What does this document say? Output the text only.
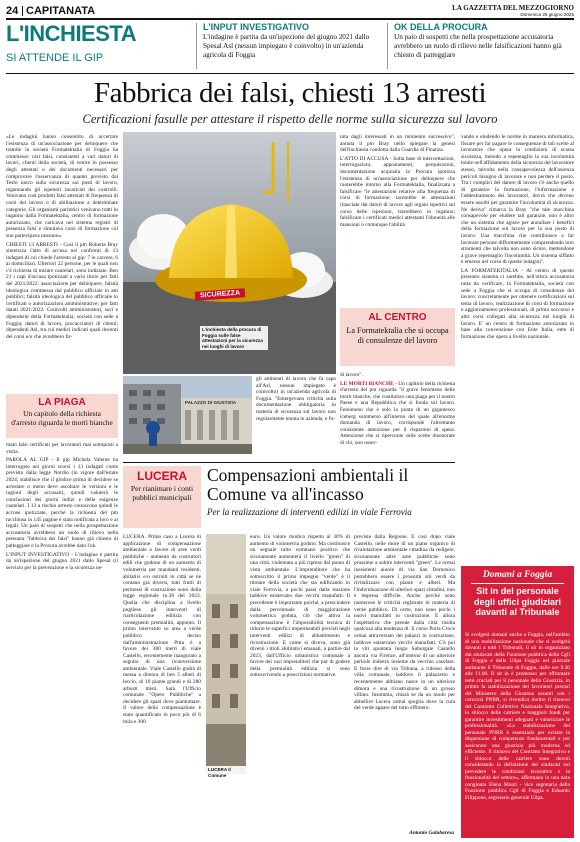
24 CAPITANATA	LA GAZZETTA DEL MEZZOGIORNO
Domenica 29 giugno 2025
L'INCHIESTA
SI ATTENDE IL GIP
L'INPUT INVESTIGATIVO
L'indagine è partita da un'ispezione del giugno 2021 dallo Spesal Asl (nessun impiegato è coinvolto) in un'azienda agricola di Foggia
OK DELLA PROCURA
Un paio di sospetti che nella prospettazione accusatoria avrebbero un ruolo di rilievo nelle falsificazioni hanno già chiesto di patteggiare
Fabbrica dei falsi, chiesti 13 arresti
Certificazioni fasulle per attestare il rispetto delle norme sulla sicurezza sul lavoro

«Le indagini hanno consentito di accertare l'esistenza di un'associazione per delinquere che tramite la società Formatektalia di Foggia ha commesso vari falsi, consistenti a vari datori di lavori, clienti della società, di venire in possesso degli attestati e dei documenti necessari per comprovare l'osservanza di quanto previsto dal Testo unico sulla sicurezza sui posti di lavoro, ingannando gli ispettori incaricati dei controlli. Venivano così prodotti falsi attestati di frequenza di corsi dei lavoro o di abilitazione a determinate categorie. Gli organismi paritetici venivano tratti in inganno dalla Formatektalia, centro di formazione autorizzato, che caricava nel sistema registri di presenza falsi e simulava corsi di formazione col suo partecipava nessuno».

CHIESTI 13 ARRESTI - Così il pm Roberta Bray sintetizza l'atto di accusa nei confronti di 13 indagati di cui chiede l'arresto al gip: 7 in carcere, 6 ai domiciliari. Ulteriori 22 persone, per le quali non c'è richiesta di misure cautelari, sono indiziate. Ben 21 i capi d'accusa ipotizzati a vario titolo per fatti del 2021/2022: associazione per delinquere, falsità ideologica commessa dal pubblico ufficiale in atti pubblici; falsità ideologica del pubblico ufficiale in certificati o autorizzazioni amministrative; per fatti datati 2021/2022. Coinvolti amministratori, soci e dipendenti della Formatektalia, società con sede a Foggia; datori di lavoro, procacciatori di clienti; dipendenti Asl, tra cui medici indicati quali docenti dei corsi e/o che avrebbero fir-

SICUREZZA
L'inchiesta della procura di Foggia sulle false attestazioni per la sicurezza nei luoghi di lavoro

nita dagli interessati in un momento successivo", annota il pm Bray nello spiegare la genesi dell'inchiesta condotta dalla Guardia di Finanza.

L'ATTO DI ACCUSA - Sulla base di intercettazioni, interrogazioni, appostamenti, perquisizioni, documentazione acquisita la Procura ipotizza l'esistenza di un'associazione per delinquere che ruoterebbe intorno alla Formatektalia, finalizzata a falsificare "le attestazioni relative alla frequenza di corsi di formazione; tacerebbe le attestazioni rilasciate dai datori di lavoro agli organi ispettivi sul corso delle ispezioni, trarrebbero in inganno; falsificare i certificati medici attestanti l'idoneità alle mansioni o comunque l'abilità

vando e eludendo le norme in maniera informatica, fissare per far pagare le conseguenze di tali scelte al lavoratore che opera in condizioni di scarsa sicurezza, metodo a repentaglio la sua incolumità totale nell'affidamento della sicurezza del lavoratore stesso, talvolta nella consapevolezza dell'assenza pericoli bisogno di lavorare e non perdere il posto. Tra i complici del datore di lavoro c'è anche quello di garantire la formazione, l'informazione e l'addestramento dei lavoratori, dovrà che devono essere assolti per garantire l'incolumità di sicurezza. Ne deriva" rimarca la Bray "che tale macchina consapevole per eludere tali garanzie, non è altro che un sistema che agisce per annullare i benefici della formazione sul lavoro per la sua posto di lavoro. Una macchina che contribuisce a far lavorare persone difformemente comprendendo loro strumenti che talvolta non sono sicure, mettendone a grave repentaglio l'incolumità. Un sistema siffatto è emerso nel corso di queste indagini".

LA FORMATEKITALIA - Al centro di questo presunto sistema ci sarebbe, nell'ottica accusatoria tutta da verificare, la Formatektalia, società con sede a Foggia che si occupa di consulenze del lavoro: concretamente per ottenere certificazioni sul tema di lavoro, realizzazione di corsi di formazione e aggiornamento professionali, di primo soccorso e altri corsi collegati alla sicurezza nei luoghi di lavoro. E' un centro di formazione autorizzato in base alla convenzione con Ente Italia, ente di formazione che opera a livello nazionale.

AL CENTRO
La Formatektalia che si occupa di consulenze del lavoro

di lavoro".

LE MORTI BIANCHE - Un capitolo della richiesta d'arresto del pm riguarda "il grave fenomeno delle morti bianche, che costituisce una piaga per il nostro Paese e una Repubblica che si fonda sul lavoro. Fenomeno che è solo la punta di un gigantesco iceberg sommerso all'interno del quale all'enorme domanda di lavoro, corrisponde l'altrettanto consistente attenzione per il risparmio di spesa. Attenzione che si ripercuote sulle scelte disonorate di chi, non osser-

PALAZZO DI GIUSTIZIA

gli ambienti di lavoro che fa capo all'Asl, nessun impiegato è coinvolto) in un'azienda agricola di Foggia. "Emergevano criticità sulla documentazione obbligatoria in materia di sicurezza sul lavoro non regolarmente tenuta in azienda, e fu-

LA PIAGA
Un capitolo della richiesta d'arresto riguarda le morti bianche

mato falsi certificati per lavoratori mai sottoposti a visita.

PAROLA AL GIP - Il gip Michela Valente ha interrogato nei giorni scorsi i 13 indagati come previsto dalla legge Nordio (in vigore dall'estate 2024; stabilisce che il giudice prima di decidere se arrestare o meno deve ascoltare le versioni e le ragioni degli accusati), quindi valuterà le conclusioni dei giorni indizi e delle esigenze cautelari. I 13 a rischio arresto conoscono quindi le accuse ipotizzate, perché la richiesta del pm racchiusa in 145 pagine è stata notificata a loro e ai legali. Un paio di sospetti che nella prospettazione accusatoria avrebbero un ruolo di rilievo nella presunta "fabbrica dei falsi" hanno già chiesto di patteggiare e la Procura avrebbe dato l'ok.

L'INPUT INVESTIGATIVO - L'indagine è partita da un'ispezione del giugno 2021 dallo Spesal (il servizio per la prevenzione e la sicurezza ne-

LUCERA
Per rianimare i conti pubblici municipali
Compensazioni ambientali il Comune va all'incasso
Per la realizzazione di interventi edilizi in viale Ferrovia

LUCERA. Primo caso a Lucera di applicazione di compensazione ambientale a favore di aree verdi pubbliche - aumento da costruttori edili che godono di un aumento di volumetria per mandanti residenti, abitativi e/o ostruiti in città se ne contano già diversi, tutti frutti di permessi di costruzione sono della legge regionale (n.36 del 2023. Quella che disciplina a livello pugliese gli interventi di riarticolazione edilizia con conseguenti premialità, appunto. Il primo intervento su area a verde pubblico deciso dall'amministrazione Pitta è a favore dei 300 metri di viale Castello, recentemente inaugurato a seguito di una riconversione ambientale. Viale Castello godrà di messa a dimora di ben 5 alberi di leccio, di 10 piante grandi e di 280 arbusti misti. Sarà l'Ufficio comunale "Opere Pubbliche" a decidere gli spazi dove piantumare. Il valore della compensazione è stato quantificato in poco più di 6 mila e 300

LUCERA Il Comune

euro. Un valore modico rispetto al 30% di aumento di volumetria goduto. Ma costituisce un segnale tutto sommato positivo che sicuramente aumenterà il livello "green" di una città, violentata a più riprese dal punto di vista ambientale. L'imprenditore che ha sottoscritto il primo impegno "verde" è il titolare della società che sta edificando in viale Ferrovia, a pochi passi dalla stazione laddove esistevano due vecchi manufatti. Il precedente è importante poiché, a prescindere dalla percentuale di maggiorazione volumetrica goduta, ciò che attiva la compensazione è l'impossibilità tecnica di ridurre le superfici impermeabili previsti negli interventi edilizi di abbattimento e ricostruzione. E come si diceva, sono già diversi i titoli abilitativi emanati, a partire dal 2023, dall'Ufficio urbanistica comunale a favore dei vari imprenditori che pur di godere della premialità edilizia si sono sottoscrivendo a prescrizioni normative.

previste dalla Regione. E così dopo viale Castello, nelle more di un piano organico di rivalutazione ambientale cittadina da redigere, sicuramente altre aree pubbliche sono prossime a subire interventi "green". Le ormai inesistenti aiuole di via San Domenico potrebbero essere i prossimi siti verdi da rivitalizzare con piante e alberi. Ma l'individuazione di ulteriori spazi cittadini, non è impresa difficile. Anche perché sono numerose le criticità registrate in materia di verde pubblico. Di certo, non sono pochi i nuovi manufatti in costruzione. E allora l'aspettativa che prende dalla città risulta qualcosa alla tendenza di. Il corso Porta Croce ormai attraversato dei palazzi in costruzione, laddove esistevano vecchi manufatti. C'è poi la vili spuntata lungo Suburgale Castello ancora via Firenze, all'interno di un ulteriore periodo indietro insieme da vecchio casolare. E forse dire di via Tribuna, a ridosso della villa comunale, laddove il palazzetto e recentemente abbiano nasce in un ulteriore dimora e una ricostruzione di un grosso villino. Insomma, chissà se da un modo per abbellire Lucera ormai spoglia dove la cura del verde appare del tutto effimero.

Antonio Galabaresa
Domani a Foggia
Sit in del personale degli uffici giudiziari davanti al Tribunale
Si svolgerà domani anche a Foggia, nell'ambito di una mobilitazione nazionale che si svolgerà davanti a tutti i Tribunali, il sit in organizzato dai sindacati della Funzione pubblica della Cgil di Foggia e della Uilpa Foggia nel piazzale antistante il Tribunale di Foggia, dalle ore 9.30 alle 11.00. Il sit in è promosso per affrontare temi cruciali per il personale della Giustizia, in primis la stabilizzazione dei lavoratori precari del Ministero della Giustizia assunti con i concorsi PNRR, si rivendica inoltre il rinnovo del Contratto Collettivo Nazionale Integrativo, lo sblocco delle carriere e maggiori fondi per garantire investimenti adeguati e valorizzare le professionalità. «La stabilizzazione del personale PNRR è essenziale per evitare la dispersione di competenze fondamentali e per assicurare una giustizia più moderna ed efficiente. Il rinnovo del Contratto Integrativo e il sblocco delle carriere sono dovuti considerando la definizione dei sindacati nel prevedere le condizioni lavorative e la funzionalità del settore», affermano in una nota congiunta Elena Monti - vice segretaria della Funzione pubblica Cgil di Foggia e Edoardo Filippone, segretario generale Uilpa.
